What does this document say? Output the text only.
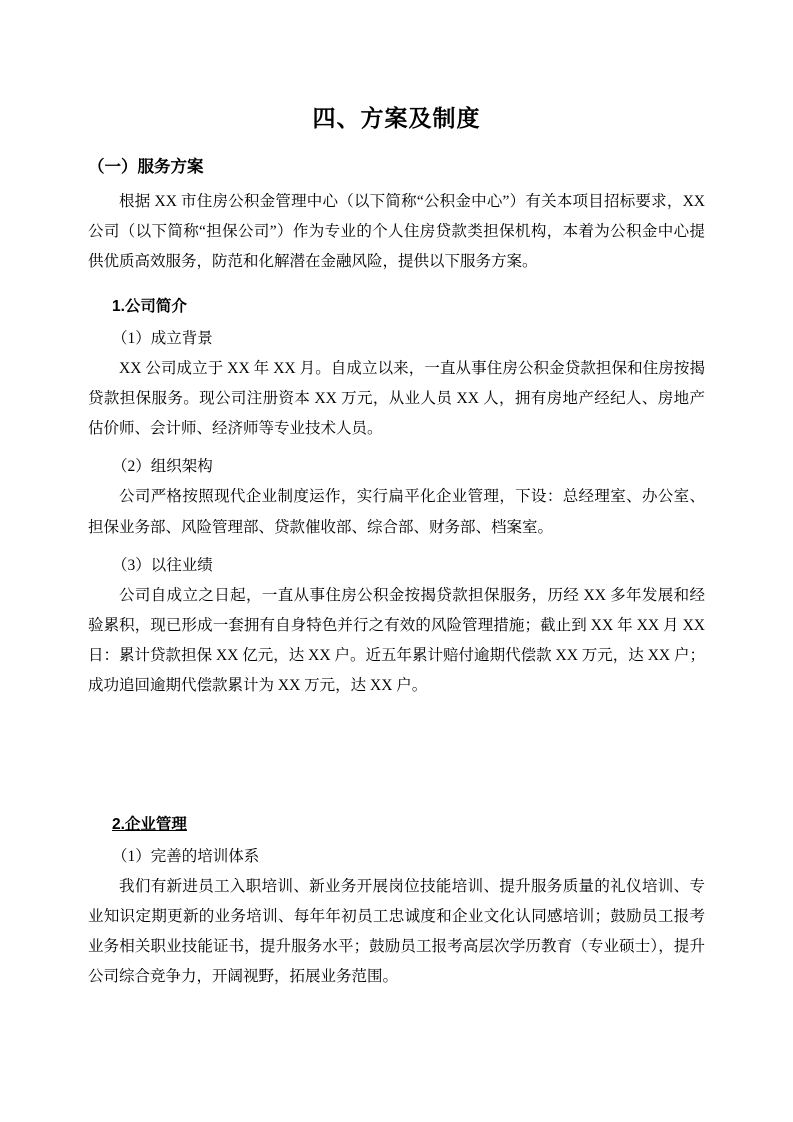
四、方案及制度
（一）服务方案

根据 XX 市住房公积金管理中心（以下简称“公积金中心”）有关本项目招标要求，XX 公司（以下简称“担保公司”）作为专业的个人住房贷款类担保机构，本着为公积金中心提供优质高效服务，防范和化解潜在金融风险，提供以下服务方案。

1.公司简介
（1）成立背景

XX 公司成立于 XX 年 XX 月。自成立以来，一直从事住房公积金贷款担保和住房按揭贷款担保服务。现公司注册资本 XX 万元，从业人员 XX 人，拥有房地产经纪人、房地产估价师、会计师、经济师等专业技术人员。

（2）组织架构

公司严格按照现代企业制度运作，实行扁平化企业管理，下设：总经理室、办公室、担保业务部、风险管理部、贷款催收部、综合部、财务部、档案室。

（3）以往业绩

公司自成立之日起，一直从事住房公积金按揭贷款担保服务，历经 XX 多年发展和经验累积，现已形成一套拥有自身特色并行之有效的风险管理措施；截止到 XX 年 XX 月 XX 日：累计贷款担保 XX 亿元，达 XX 户。近五年累计赔付逾期代偿款 XX 万元，达 XX 户；成功追回逾期代偿款累计为 XX 万元，达 XX 户。

2.企业管理
（1）完善的培训体系

我们有新进员工入职培训、新业务开展岗位技能培训、提升服务质量的礼仪培训、专业知识定期更新的业务培训、每年年初员工忠诚度和企业文化认同感培训；鼓励员工报考业务相关职业技能证书，提升服务水平；鼓励员工报考高层次学历教育（专业硕士），提升公司综合竞争力，开阔视野，拓展业务范围。
